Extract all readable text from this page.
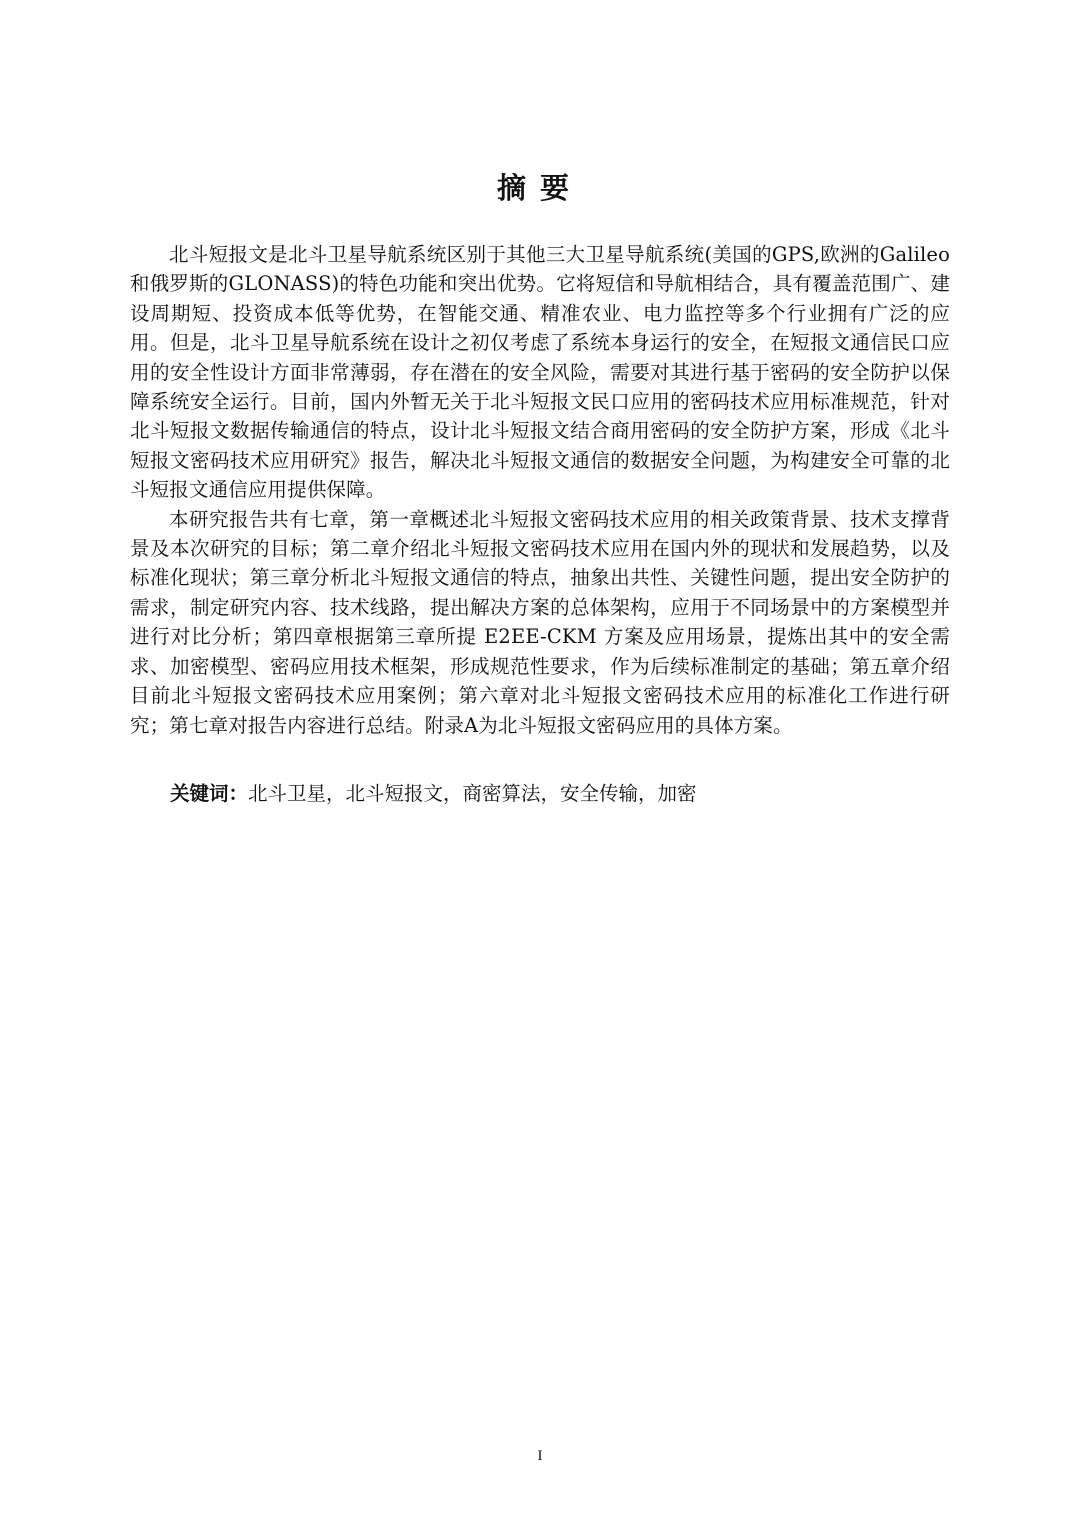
摘要

北斗短报文是北斗卫星导航系统区别于其他三大卫星导航系统(美国的GPS,欧洲的Galileo和俄罗斯的GLONASS)的特色功能和突出优势。它将短信和导航相结合，具有覆盖范围广、建设周期短、投资成本低等优势，在智能交通、精准农业、电力监控等多个行业拥有广泛的应用。但是，北斗卫星导航系统在设计之初仅考虑了系统本身运行的安全，在短报文通信民口应用的安全性设计方面非常薄弱，存在潜在的安全风险，需要对其进行基于密码的安全防护以保障系统安全运行。目前，国内外暂无关于北斗短报文民口应用的密码技术应用标准规范，针对北斗短报文数据传输通信的特点，设计北斗短报文结合商用密码的安全防护方案，形成《北斗短报文密码技术应用研究》报告，解决北斗短报文通信的数据安全问题，为构建安全可靠的北斗短报文通信应用提供保障。

本研究报告共有七章，第一章概述北斗短报文密码技术应用的相关政策背景、技术支撑背景及本次研究的目标；第二章介绍北斗短报文密码技术应用在国内外的现状和发展趋势，以及标准化现状；第三章分析北斗短报文通信的特点，抽象出共性、关键性问题，提出安全防护的需求，制定研究内容、技术线路，提出解决方案的总体架构，应用于不同场景中的方案模型并进行对比分析；第四章根据第三章所提 E2EE-CKM 方案及应用场景，提炼出其中的安全需求、加密模型、密码应用技术框架，形成规范性要求，作为后续标准制定的基础；第五章介绍目前北斗短报文密码技术应用案例；第六章对北斗短报文密码技术应用的标准化工作进行研究；第七章对报告内容进行总结。附录A为北斗短报文密码应用的具体方案。

关键词：北斗卫星，北斗短报文，商密算法，安全传输，加密
I
